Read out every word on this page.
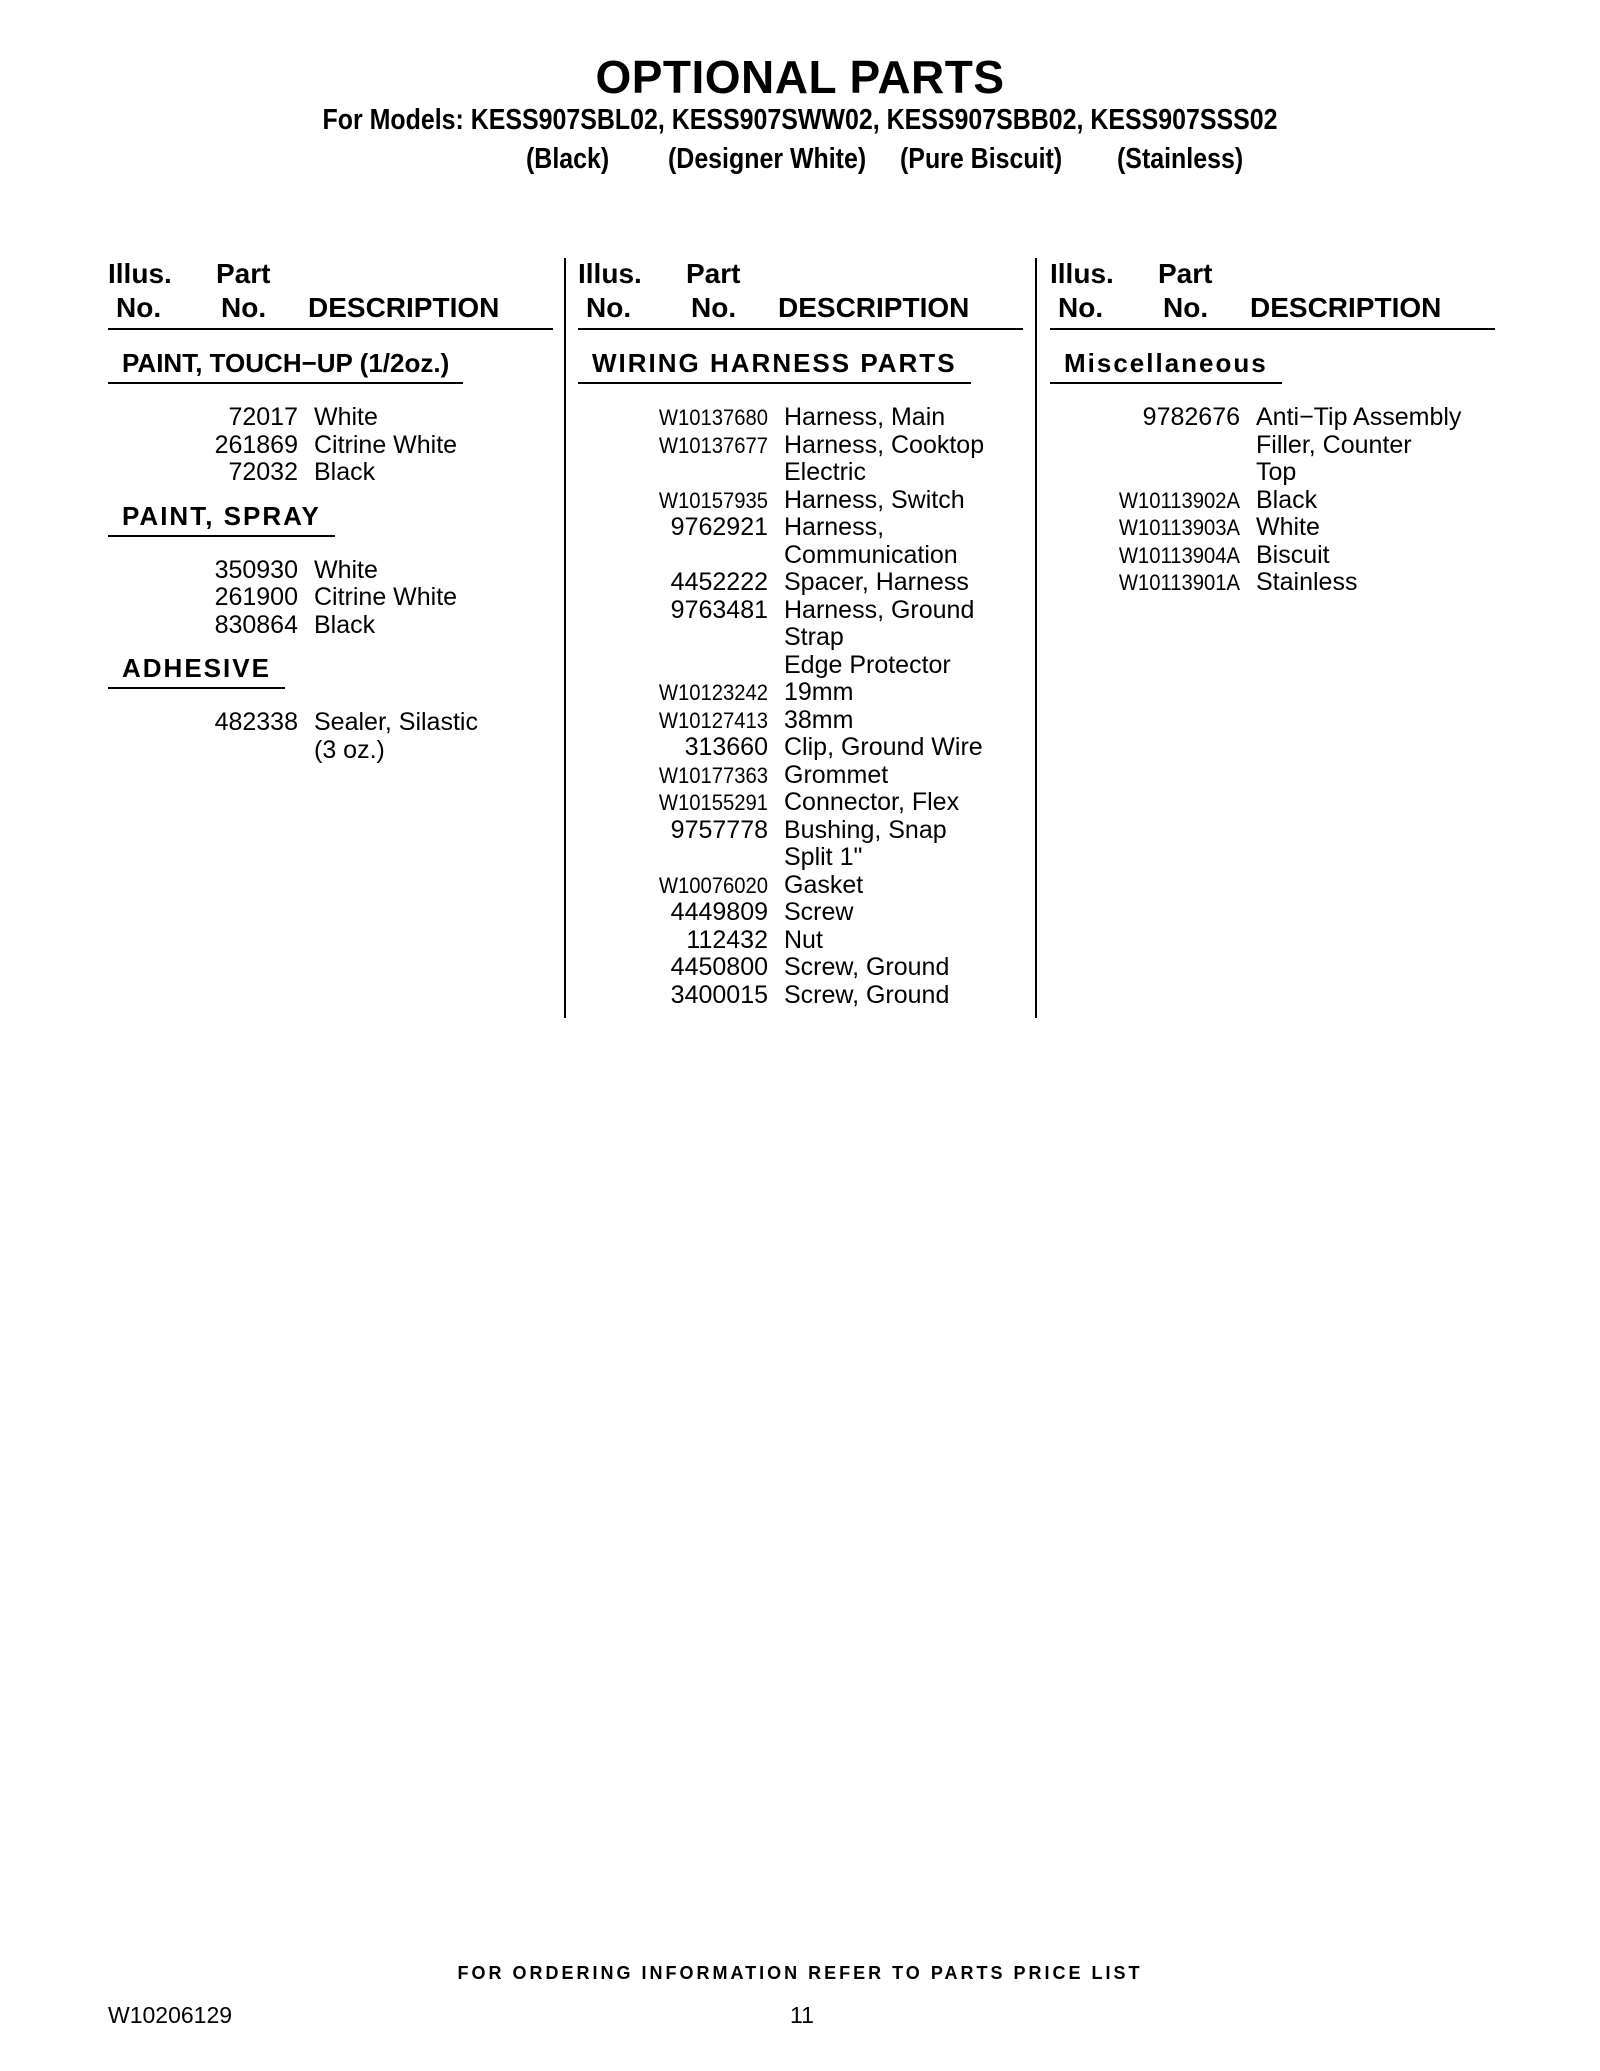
OPTIONAL PARTS
For Models: KESS907SBL02, KESS907SWW02, KESS907SBB02, KESS907SSS02
(Black) (Designer White) (Pure Biscuit) (Stainless)
Illus.
No.
Part
No. DESCRIPTION
PAINT, TOUCH−UP (1/2oz.)
72017 White
261869 Citrine White
72032 Black
PAINT, SPRAY
350930 White
261900 Citrine White
830864 Black
ADHESIVE
482338 Sealer, Silastic
(3 oz.)
Illus.
No.
Part
No. DESCRIPTION
WIRING HARNESS PARTS
W10137680 Harness, Main
W10137677 Harness, Cooktop
Electric
W10157935 Harness, Switch
9762921 Harness,
Communication
4452222 Spacer, Harness
9763481 Harness, Ground
Strap
Edge Protector
W10123242 19mm
W10127413 38mm
313660 Clip, Ground Wire
W10177363 Grommet
W10155291 Connector, Flex
9757778 Bushing, Snap
Split 1"
W10076020 Gasket
4449809 Screw
112432 Nut
4450800 Screw, Ground
3400015 Screw, Ground
Illus.
No.
Part
No. DESCRIPTION
Miscellaneous
9782676 Anti−Tip Assembly
Filler, Counter
Top
W10113902A Black
W10113903A White
W10113904A Biscuit
W10113901A Stainless
FOR ORDERING INFORMATION REFER TO PARTS PRICE LIST
W10206129	11
